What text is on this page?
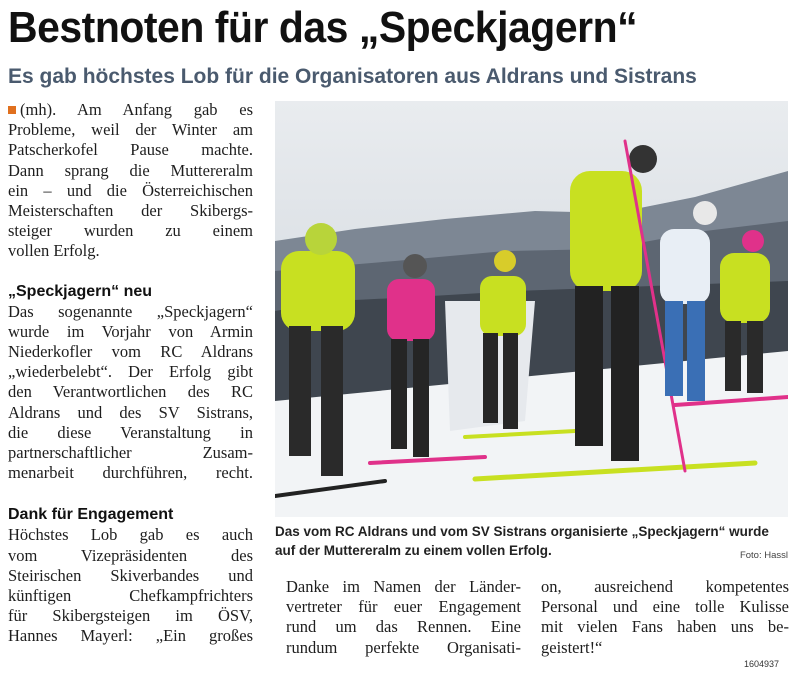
Bestnoten für das „Speckjagern“
Es gab höchstes Lob für die Organisatoren aus Aldrans und Sistrans

(mh). Am Anfang gab es

Probleme, weil der Winter am

Patscherkofel Pause machte.

Dann sprang die Muttereralm

ein – und die Österreichischen

Meisterschaften der Skibergs-

steiger wurden zu einem

vollen Erfolg.

„Speckjagern“ neu

Das sogenannte „Speckjagern“

wurde im Vorjahr von Armin

Niederkofler vom RC Aldrans

„wiederbelebt“. Der Erfolg gibt

den Verantwortlichen des RC

Aldrans und des SV Sistrans,

die diese Veranstaltung in

partnerschaftlicher Zusam-

menarbeit durchführen, recht.

Dank für Engagement

Höchstes Lob gab es auch

vom Vizepräsidenten des

Steirischen Skiverbandes und

künftigen Chefkampfrichters

für Skibergsteigen im ÖSV,

Hannes Mayerl: „Ein großes

Das vom RC Aldrans und vom SV Sistrans organisierte „Speckjagern“ wurde auf der Muttereralm zu einem vollen Erfolg.	Foto: Hassl

Danke im Namen der Länder-

vertreter für euer Engagement

rund um das Rennen. Eine

rundum perfekte Organisati-

on, ausreichend kompetentes

Personal und eine tolle Kulisse

mit vielen Fans haben uns be-

geistert!“

1604937
